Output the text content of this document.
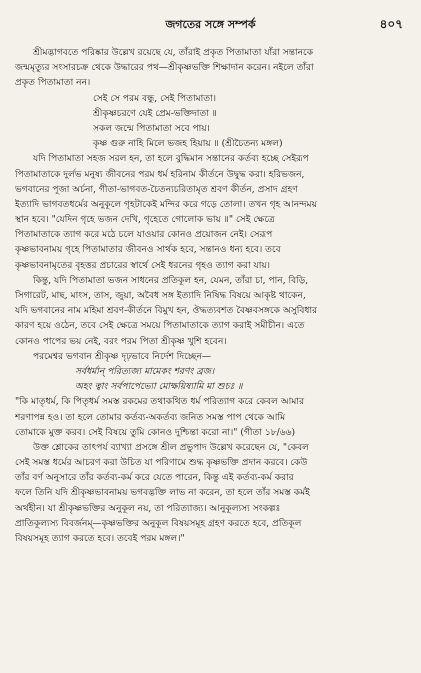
জগতের সঙ্গে সম্পর্ক	৪০৭
শ্রীমদ্ভাগবতে পরিষ্কার উল্লেখ রয়েছে যে, তাঁরাই প্রকৃত পিতামাতা যাঁরা সন্তানকে
জন্মমৃত্যুর সংসারচক্র থেকে উদ্ধারের পথ—শ্রীকৃষ্ণভক্তি শিক্ষাদান করেন। নইলে তাঁরা
প্রকৃত পিতামাতা নন।
সেই সে পরম বন্ধু, সেই পিতামাতা।
শ্রীকৃষ্ণচরণে যেই প্রেম-ভক্তিদাতা ॥
সকল জন্মে পিতামাতা সবে পায়।
কৃষ্ণ গুরু নাহি মিলে ভজহ হিয়ায় ॥ (শ্রীচৈতন্য মঙ্গল)
যদি পিতামাতা সহজ সরল হন, তা হলে বুদ্ধিমান সন্তানের কর্তব্য হচ্ছে সেইরূপ
পিতামাতাকে দুর্লভ মনুষ্য জীবনের পরম ধর্ম হরিনাম কীর্তনে উদ্বুদ্ধ করা। হরিভজন,
ভগবানের পূজা অর্চনা, গীতা-ভাগবত-চৈতন্যচরিতামৃত শ্রবণ কীর্তন, প্রসাদ গ্রহণ
ইত্যাদি ভাগবতধর্মের অনুকূলে গৃহটাকেই মন্দির করে গড়ে তোলা। তখন গৃহ আনন্দময়
স্থান হবে। "যেদিন গৃহে ভজন দেখি, গৃহেতে গোলোক ভায় ॥" সেই ক্ষেত্রে
পিতামাতাকে ত্যাগ করে মঠে চলে যাওয়ার কোনও প্রয়োজন নেই। সেরূপ
কৃষ্ণভাবনাময় গৃহে পিতামাতার জীবনও সার্থক হবে, সন্তানও ধন্য হবে। তবে
কৃষ্ণভাবনামৃতের বৃহত্তর প্রচারের স্বার্থে সেই ধরনের গৃহও ত্যাগ করা যায়।
কিন্তু, যদি পিতামাতা ভজন সাধনের প্রতিকূল হন, যেমন, তাঁরা চা, পান, বিড়ি,
সিগারেট, মাছ, মাংস, তাস, জুয়া, অবৈধ সঙ্গ ইত্যাদি নিষিদ্ধ বিষয়ে আকৃষ্ট থাকেন,
যদি ভগবানের নাম মহিমা শ্রবণ-কীর্তনে বিমুখ হন, ঔদ্ধত্যবশত বৈষ্ণবসঙ্গকে অসুবিধার
কারণ হয়ে ওঠেন, তবে সেই ক্ষেত্রে সময়ে পিতামাতাকে ত্যাগ করাই সমীচীন। এতে
কোনও পাপের ভয় নেই, বরং পরম পিতা শ্রীকৃষ্ণ খুশি হবেন।
পরমেশ্বর ভগবান শ্রীকৃষ্ণ দৃঢ়ভাবে নির্দেশ দিচ্ছেন—
সর্বধর্মান্‌ পরিত্যজ্য মামেকং শরণং ব্রজ।
অহং ত্বাং সর্বপাপেভ্যো মোক্ষয়িষ্যামি মা শুচঃ ॥
"কি মাতৃধর্ম, কি পিতৃধর্ম সমস্ত রকমের তথাকথিত ধর্ম পরিত্যাগ করে কেবল আমার
শরণাপন্ন হও। তা হলে তোমার কর্তব্য-অকর্তব্য জনিত সমস্ত পাপ থেকে আমি
তোমাকে মুক্ত করব। সেই বিষয়ে তুমি কোনও দুশ্চিন্তা করো না।" (গীতা ১৮/৬৬)
উক্ত শ্লোকের তাৎপর্য ব্যাখ্যা প্রসঙ্গে শ্রীল প্রভুপাদ উল্লেখ করেছেন যে, "কেবল
সেই সমস্ত ধর্মের আচরণ করা উচিত যা পরিণামে শুদ্ধ কৃষ্ণভক্তি প্রদান করবে। কেউ
তাঁর বর্ণ অনুসারে তাঁর কর্তব্য-কর্ম করে যেতে পারেন, কিন্তু এই কর্তব্য-কর্ম করার
ফলে তিনি যদি শ্রীকৃষ্ণভাবনাময় ভগবদ্ভক্তি লাভ না করেন, তা হলে তাঁর সমস্ত কর্মই
অর্থহীন। যা শ্রীকৃষ্ণভক্তির অনুকূল নয়, তা পরিত্যাজ্য। আনুকূল্যস্য সংকল্পঃ
প্রাতিকূল্যস্য বিবর্জনম্‌—কৃষ্ণভক্তির অনুকূল বিষয়সমূহ গ্রহণ করতে হবে, প্রতিকূল
বিষয়সমূহ ত্যাগ করতে হবে। তবেই পরম মঙ্গল।"
